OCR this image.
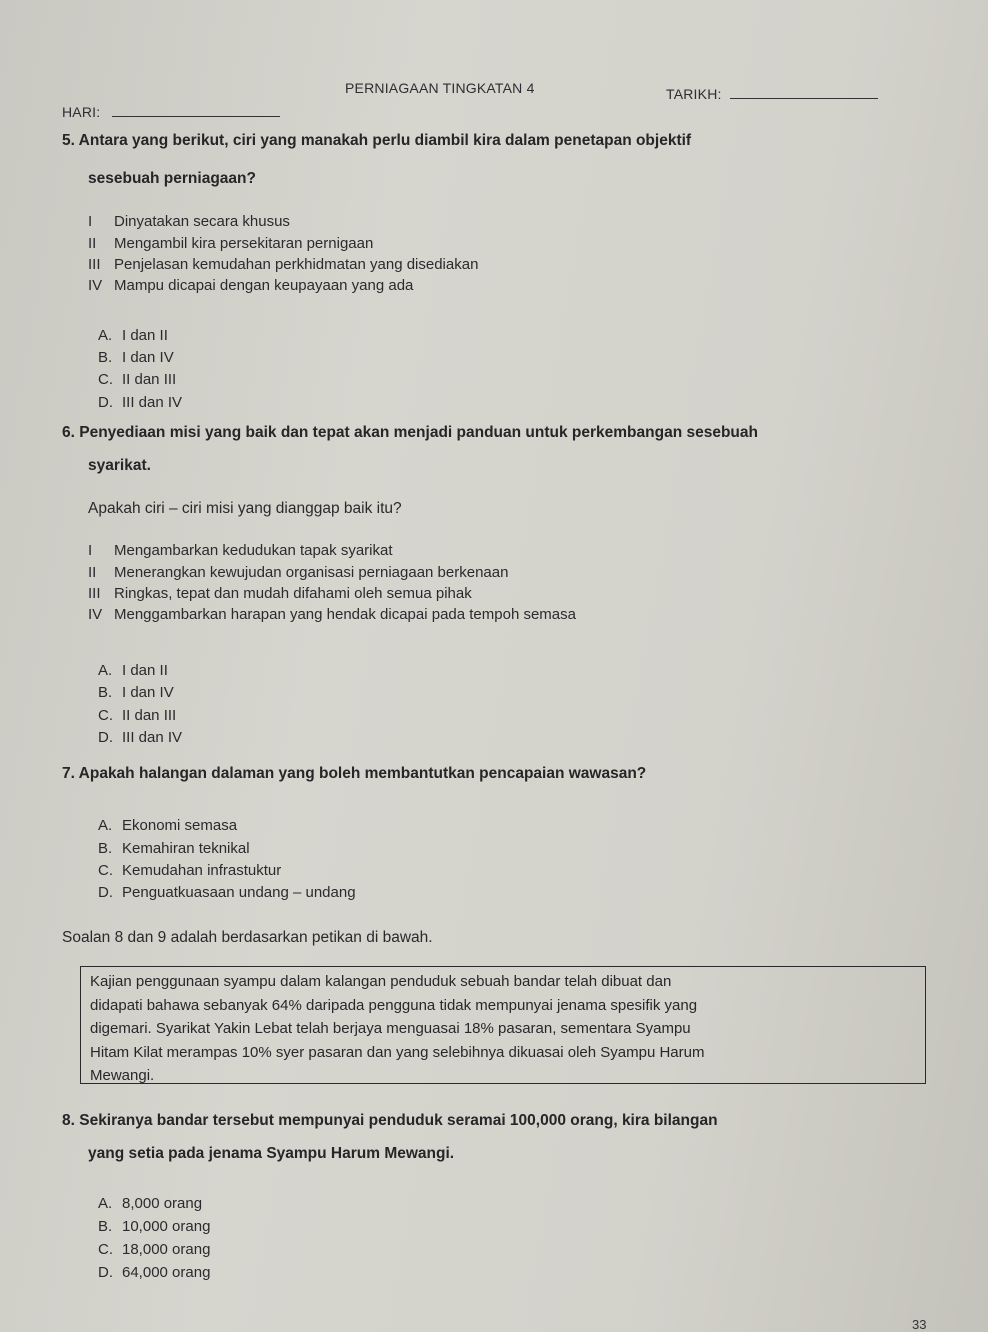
HARI:
PERNIAGAAN TINGKATAN 4	TARIKH:
5. Antara yang berikut, ciri yang manakah perlu diambil kira dalam penetapan objektif
sesebuah perniagaan?
I Dinyatakan secara khusus
II Mengambil kira persekitaran pernigaan
III Penjelasan kemudahan perkhidmatan yang disediakan
IV Mampu dicapai dengan keupayaan yang ada
A. I dan II
B. I dan IV
C. II dan III
D. III dan IV
6. Penyediaan misi yang baik dan tepat akan menjadi panduan untuk perkembangan sesebuah
syarikat.
Apakah ciri – ciri misi yang dianggap baik itu?
I Mengambarkan kedudukan tapak syarikat
II Menerangkan kewujudan organisasi perniagaan berkenaan
III Ringkas, tepat dan mudah difahami oleh semua pihak
IV Menggambarkan harapan yang hendak dicapai pada tempoh semasa
A. I dan II
B. I dan IV
C. II dan III
D. III dan IV
7. Apakah halangan dalaman yang boleh membantutkan pencapaian wawasan?
A. Ekonomi semasa
B. Kemahiran teknikal
C. Kemudahan infrastuktur
D. Penguatkuasaan undang – undang
Soalan 8 dan 9 adalah berdasarkan petikan di bawah.
Kajian penggunaan syampu dalam kalangan penduduk sebuah bandar telah dibuat dan
didapati bahawa sebanyak 64% daripada pengguna tidak mempunyai jenama spesifik yang
digemari. Syarikat Yakin Lebat telah berjaya menguasai 18% pasaran, sementara Syampu
Hitam Kilat merampas 10% syer pasaran dan yang selebihnya dikuasai oleh Syampu Harum
Mewangi.
8. Sekiranya bandar tersebut mempunyai penduduk seramai 100,000 orang, kira bilangan
yang setia pada jenama Syampu Harum Mewangi.
A. 8,000 orang
B. 10,000 orang
C. 18,000 orang
D. 64,000 orang
33
